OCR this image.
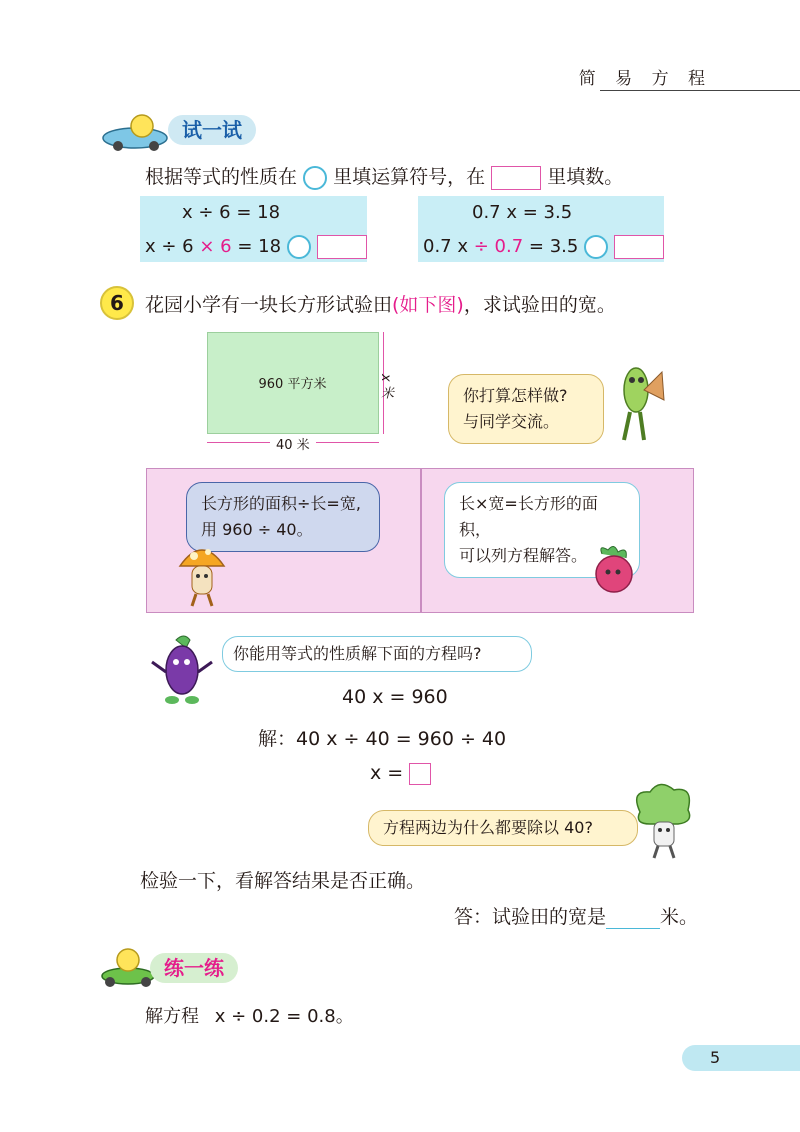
简 易 方 程
试一试
根据等式的性质在 里填运算符号，在	里填数。
x ÷ 6 = 18
x ÷ 6 × 6 = 18
0.7 x = 3.5
0.7 x ÷ 0.7 = 3.5
6	花园小学有一块长方形试验田(如下图)，求试验田的宽。
960 平方米	x 米
40 米
你打算怎样做?
与同学交流。
长方形的面积÷长=宽,
用 960 ÷ 40。
长×宽=长方形的面积，
可以列方程解答。
你能用等式的性质解下面的方程吗?
40 x = 960
解：40 x ÷ 40 = 960 ÷ 40
x =
方程两边为什么都要除以 40?
检验一下，看解答结果是否正确。
答：试验田的宽是	米。
练一练
解方程 x ÷ 0.2 = 0.8。
5
